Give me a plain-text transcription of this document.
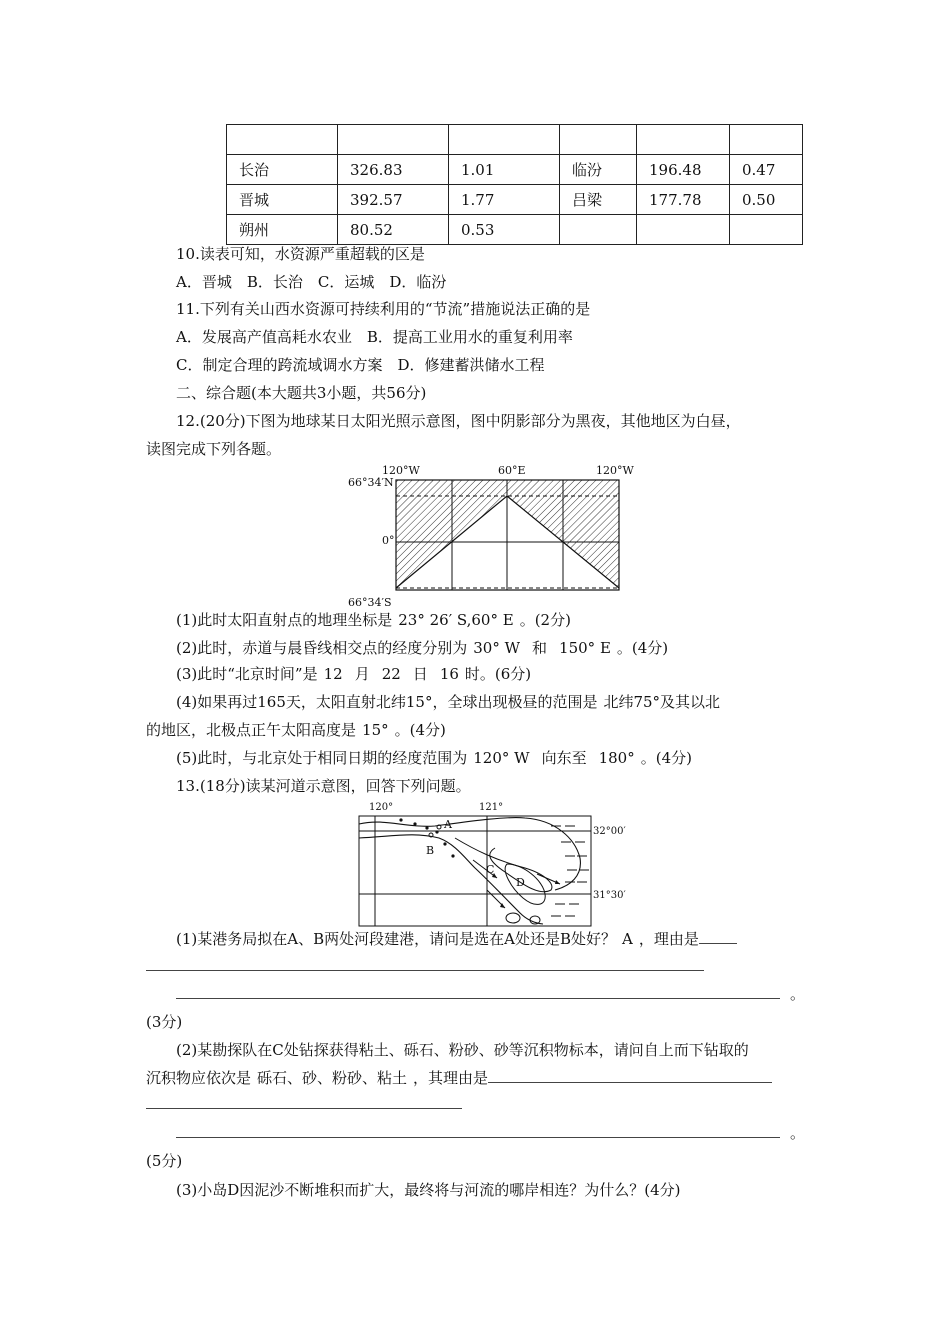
长治	326.83	1.01	临汾	196.48	0.47
晋城	392.57	1.77	吕梁	177.78	0.50
朔州	80.52	0.53			
10.读表可知，水资源严重超载的区是
A．晋城　B．长治　C．运城　D．临汾
11.下列有关山西水资源可持续利用的“节流”措施说法正确的是
A．发展高产值高耗水农业　B．提高工业用水的重复利用率
C．制定合理的跨流域调水方案　D．修建蓄洪储水工程
二、综合题(本大题共3小题，共56分)
12.(20分)下图为地球某日太阳光照示意图，图中阴影部分为黑夜，其他地区为白昼，
读图完成下列各题。
120°W	60°E	120°W
66°34′N
0°
66°34′S
(1)此时太阳直射点的地理坐标是 23° 26′ S,60° E 。(2分)
(2)此时，赤道与晨昏线相交点的经度分别为 30° W 和 150° E 。(4分)
(3)此时“北京时间”是 12 月 22 日 16 时。(6分)
(4)如果再过165天，太阳直射北纬15°，全球出现极昼的范围是 北纬75°及其以北
的地区，北极点正午太阳高度是 15° 。(4分)
(5)此时，与北京处于相同日期的经度范围为 120° W 向东至 180° 。(4分)
13.(18分)读某河道示意图，回答下列问题。
120°	121°
32°00′
31°30′
A
B
C
D
(1)某港务局拟在A、B两处河段建港，请问是选在A处还是B处好？ A ，理由是
。
(3分)
(2)某勘探队在C处钻探获得粘土、砾石、粉砂、砂等沉积物标本，请问自上而下钻取的
沉积物应依次是 砾石、砂、粉砂、粘土 ，其理由是
。
(5分)
(3)小岛D因泥沙不断堆积而扩大，最终将与河流的哪岸相连？为什么？(4分)
